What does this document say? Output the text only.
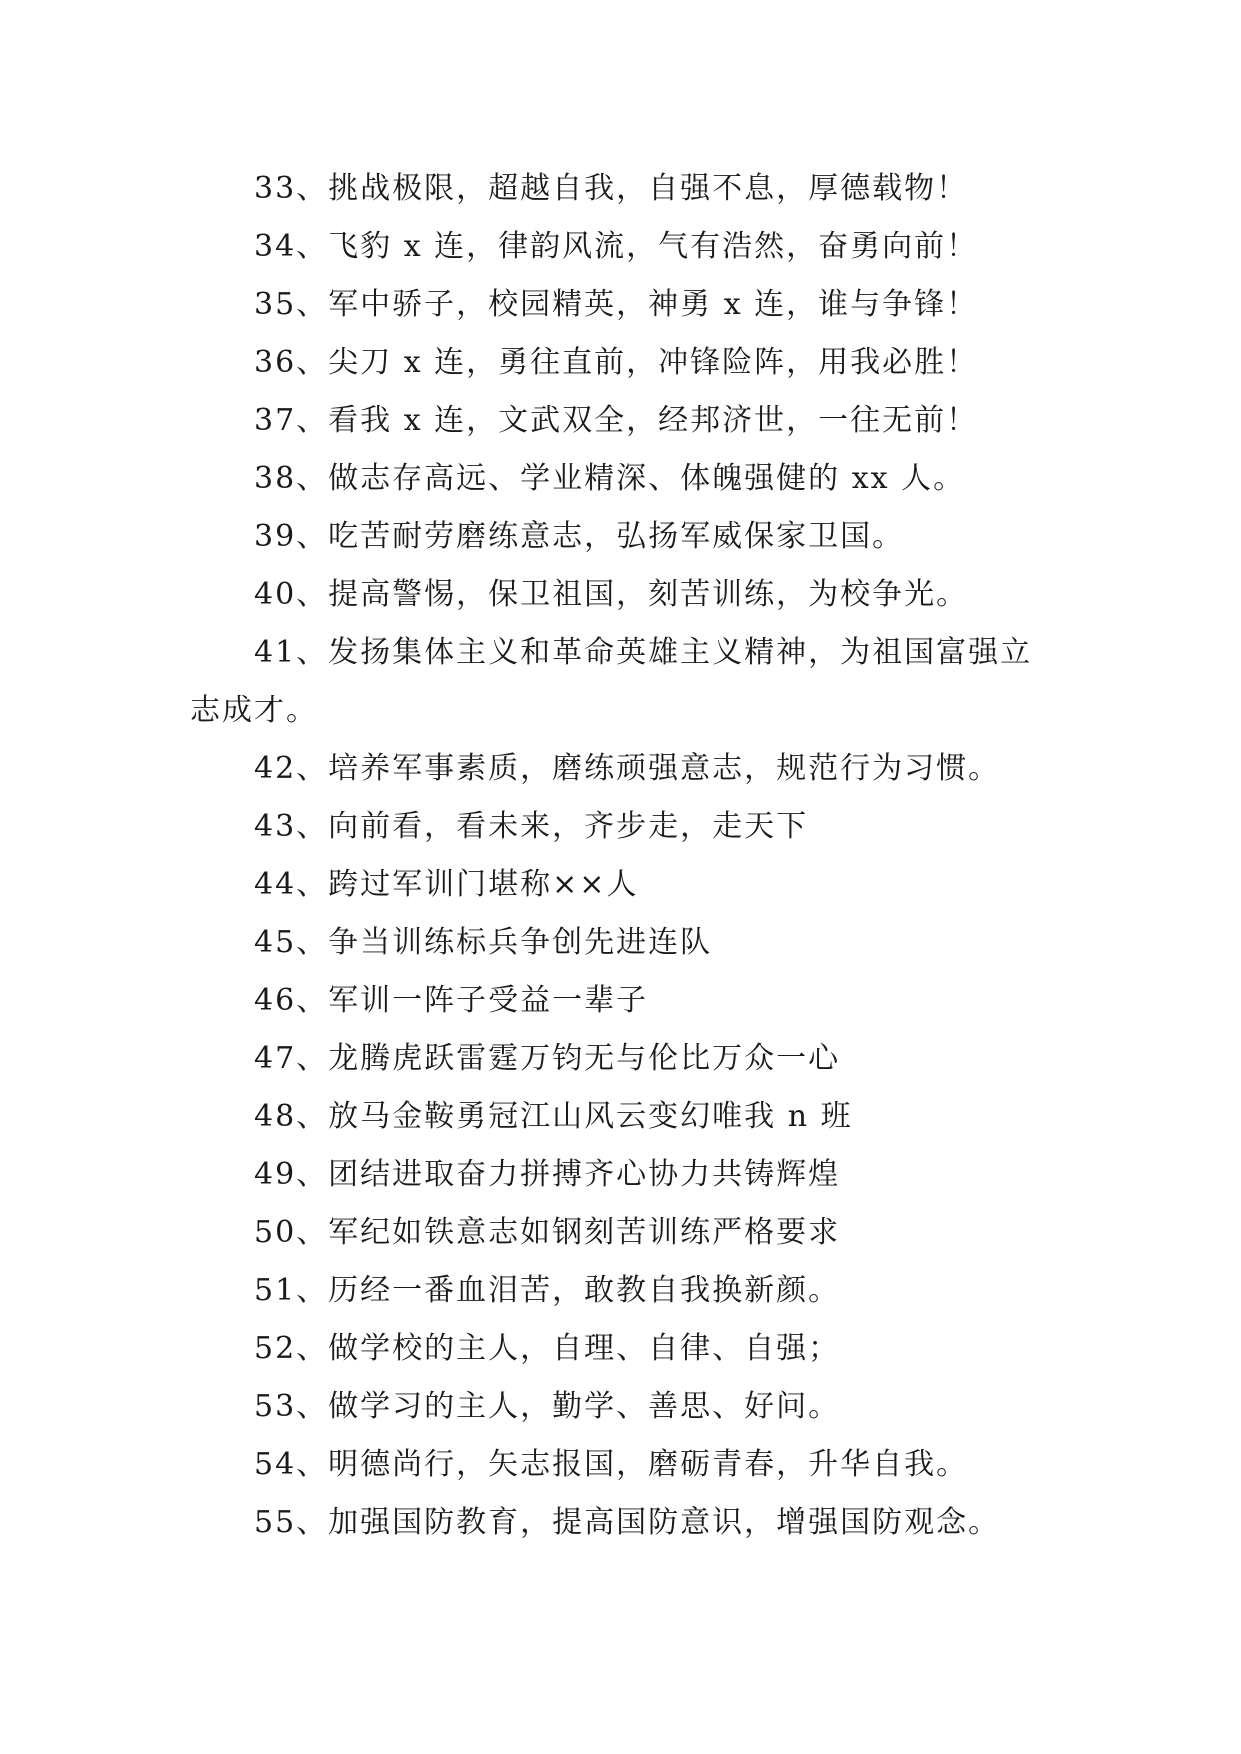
33、挑战极限，超越自我，自强不息，厚德载物！
34、飞豹 x 连，律韵风流，气有浩然，奋勇向前！
35、军中骄子，校园精英，神勇 x 连，谁与争锋！
36、尖刀 x 连，勇往直前，冲锋险阵，用我必胜！
37、看我 x 连，文武双全，经邦济世，一往无前！
38、做志存高远、学业精深、体魄强健的 xx 人。
39、吃苦耐劳磨练意志，弘扬军威保家卫国。
40、提高警惕，保卫祖国，刻苦训练，为校争光。
41、发扬集体主义和革命英雄主义精神，为祖国富强立
志成才。
42、培养军事素质，磨练顽强意志，规范行为习惯。
43、向前看，看未来，齐步走，走天下
44、跨过军训门堪称××人
45、争当训练标兵争创先进连队
46、军训一阵子受益一辈子
47、龙腾虎跃雷霆万钧无与伦比万众一心
48、放马金鞍勇冠江山风云变幻唯我 n 班
49、团结进取奋力拼搏齐心协力共铸辉煌
50、军纪如铁意志如钢刻苦训练严格要求
51、历经一番血泪苦，敢教自我换新颜。
52、做学校的主人，自理、自律、自强；
53、做学习的主人，勤学、善思、好问。
54、明德尚行，矢志报国，磨砺青春，升华自我。
55、加强国防教育，提高国防意识，增强国防观念。
